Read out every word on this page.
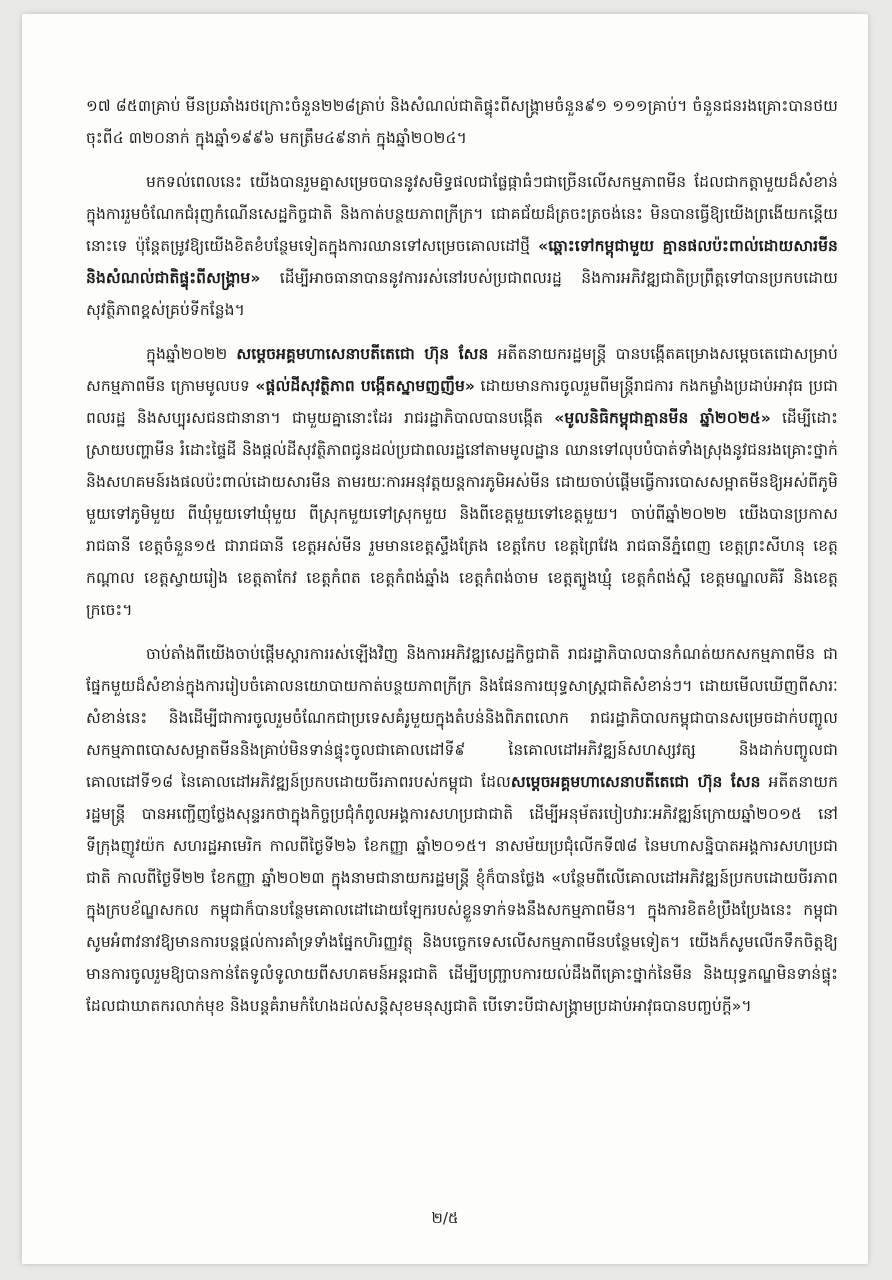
១៧ ៨៥៣គ្រាប់ មីនប្រឆាំងរថក្រោះចំនួន២២៨គ្រាប់ និងសំណល់ជាតិផ្ទុះពីសង្គ្រាមចំនួន៩១ ១១១គ្រាប់។ ចំនួនជនរងគ្រោះបានថយចុះពី៤ ៣២០នាក់ ក្នុងឆ្នាំ១៩៩៦ មកត្រឹម៤៩នាក់ ក្នុងឆ្នាំ២០២៤។

មកទល់ពេលនេះ យើងបានរួមគ្នាសម្រេចបាននូវសមិទ្ធផលជាផ្លែផ្កាធំៗជាច្រើនលើសកម្មភាពមីន ដែលជាកត្តាមួយដ៏សំខាន់ក្នុងការរួមចំណែកជំរុញកំណើនសេដ្ឋកិច្ចជាតិ និងកាត់បន្ថយភាពក្រីក្រ។ ជោគជ័យដ៏ត្រចះត្រចង់នេះ មិនបានធ្វើឱ្យយើងព្រងើយកន្តើយនោះទេ ប៉ុន្តែតម្រូវឱ្យយើងខិតខំបន្ថែមទៀតក្នុងការឈានទៅសម្រេចគោលដៅថ្មី «ឆ្ពោះទៅកម្ពុជាមួយ គ្មានផលប៉ះពាល់ដោយសារមីននិងសំណល់ជាតិផ្ទុះពីសង្គ្រាម» ដើម្បីអាចធានាបាននូវការរស់នៅរបស់ប្រជាពលរដ្ឋ និងការអភិវឌ្ឍជាតិប្រព្រឹត្តទៅបានប្រកបដោយសុវត្ថិភាពខ្ពស់គ្រប់ទីកន្លែង។

ក្នុងឆ្នាំ២០២២ សម្តេចអគ្គមហាសេនាបតីតេជោ ហ៊ុន សែន អតីតនាយករដ្ឋមន្ត្រី បានបង្កើតគម្រោងសម្តេចតេជោសម្រាប់សកម្មភាពមីន ក្រោមមូលបទ «ផ្តល់ដីសុវត្ថិភាព បង្កើតស្នាមញញឹម» ដោយមានការចូលរួមពីមន្ត្រីរាជការ កងកម្លាំងប្រដាប់អាវុធ ប្រជាពលរដ្ឋ និងសប្បុរសជនជានានា។ ជាមួយគ្នានោះដែរ រាជរដ្ឋាភិបាលបានបង្កើត «មូលនិធិកម្ពុជាគ្មានមីន ឆ្នាំ២០២៥» ដើម្បីដោះស្រាយបញ្ហាមីន រំដោះផ្ទៃដី និងផ្តល់ដីសុវត្ថិភាពជូនដល់ប្រជាពលរដ្ឋនៅតាមមូលដ្ឋាន ឈានទៅលុបបំបាត់ទាំងស្រុងនូវជនរងគ្រោះថ្នាក់និងសហគមន៍រងផលប៉ះពាល់ដោយសារមីន តាមរយៈការអនុវត្តយន្តការភូមិអស់មីន ដោយចាប់ផ្តើមធ្វើការបោសសម្អាតមីនឱ្យអស់ពីភូមិមួយទៅភូមិមួយ ពីឃុំមួយទៅឃុំមួយ ពីស្រុកមួយទៅស្រុកមួយ និងពីខេត្តមួយទៅខេត្តមួយ។ ចាប់ពីឆ្នាំ២០២២ យើងបានប្រកាសរាជធានី ខេត្តចំនួន១៥ ជារាជធានី ខេត្តអស់មីន រួមមានខេត្តស្ទឹងត្រែង ខេត្តកែប ខេត្តព្រៃវែង រាជធានីភ្នំពេញ ខេត្តព្រះសីហនុ ខេត្តកណ្តាល ខេត្តស្វាយរៀង ខេត្តតាកែវ ខេត្តកំពត ខេត្តកំពង់ឆ្នាំង ខេត្តកំពង់ចាម ខេត្តត្បូងឃ្មុំ ខេត្តកំពង់ស្ពឺ ខេត្តមណ្ឌលគិរី និងខេត្តក្រចេះ។

ចាប់តាំងពីយើងចាប់ផ្តើមស្តារការរស់ឡើងវិញ និងការអភិវឌ្ឍសេដ្ឋកិច្ចជាតិ រាជរដ្ឋាភិបាលបានកំណត់យកសកម្មភាពមីន ជាផ្នែកមួយដ៏សំខាន់ក្នុងការរៀបចំគោលនយោបាយកាត់បន្ថយភាពក្រីក្រ និងផែនការយុទ្ធសាស្ត្រជាតិសំខាន់ៗ។ ដោយមើលឃើញពីសារៈសំខាន់នេះ និងដើម្បីជាការចូលរួមចំណែកជាប្រទេសគំរូមួយក្នុងតំបន់និងពិភពលោក រាជរដ្ឋាភិបាលកម្ពុជាបានសម្រេចដាក់បញ្ចូលសកម្មភាពបោសសម្អាតមីននិងគ្រាប់មិនទាន់ផ្ទុះចូលជាគោលដៅទី៩ នៃគោលដៅអភិវឌ្ឍន៍សហស្សវត្ស និងដាក់បញ្ចូលជាគោលដៅទី១៨ នៃគោលដៅអភិវឌ្ឍន៍ប្រកបដោយចីរភាពរបស់កម្ពុជា ដែលសម្តេចអគ្គមហាសេនាបតីតេជោ ហ៊ុន សែន អតីតនាយករដ្ឋមន្ត្រី បានអញ្ជើញថ្លែងសុន្ទរកថាក្នុងកិច្ចប្រជុំកំពូលអង្គការសហប្រជាជាតិ ដើម្បីអនុម័តរបៀបវារៈអភិវឌ្ឍន៍ក្រោយឆ្នាំ២០១៥ នៅទីក្រុងញូវយ៉ក សហរដ្ឋអាមេរិក កាលពីថ្ងៃទី២៦ ខែកញ្ញា ឆ្នាំ២០១៥។ នាសម័យប្រជុំលើកទី៧៨ នៃមហាសន្និបាតអង្គការសហប្រជាជាតិ កាលពីថ្ងៃទី២២ ខែកញ្ញា ឆ្នាំ២០២៣ ក្នុងនាមជានាយករដ្ឋមន្ត្រី ខ្ញុំក៏បានថ្លែង «បន្ថែមពីលើគោលដៅអភិវឌ្ឍន៍ប្រកបដោយចីរភាពក្នុងក្របខ័ណ្ឌសកល កម្ពុជាក៏បានបន្ថែមគោលដៅដោយឡែករបស់ខ្លួនទាក់ទងនឹងសកម្មភាពមីន។ ក្នុងការខិតខំប្រឹងប្រែងនេះ កម្ពុជាសូមអំពាវនាវឱ្យមានការបន្តផ្តល់ការគាំទ្រទាំងផ្នែកហិរញ្ញវត្ថុ និងបច្ចេកទេសលើសកម្មភាពមីនបន្ថែមទៀត។ យើងក៏សូមលើកទឹកចិត្តឱ្យមានការចូលរួមឱ្យបានកាន់តែទូលំទូលាយពីសហគមន៍អន្តរជាតិ ដើម្បីបញ្ជ្រាបការយល់ដឹងពីគ្រោះថ្នាក់នៃមីន និងយុទ្ធភណ្ឌមិនទាន់ផ្ទុះ ដែលជាឃាតករលាក់មុខ និងបន្តគំរាមកំហែងដល់សន្តិសុខមនុស្សជាតិ បើទោះបីជាសង្គ្រាមប្រដាប់អាវុធបានបញ្ចប់ក្តី»។

២/៥
